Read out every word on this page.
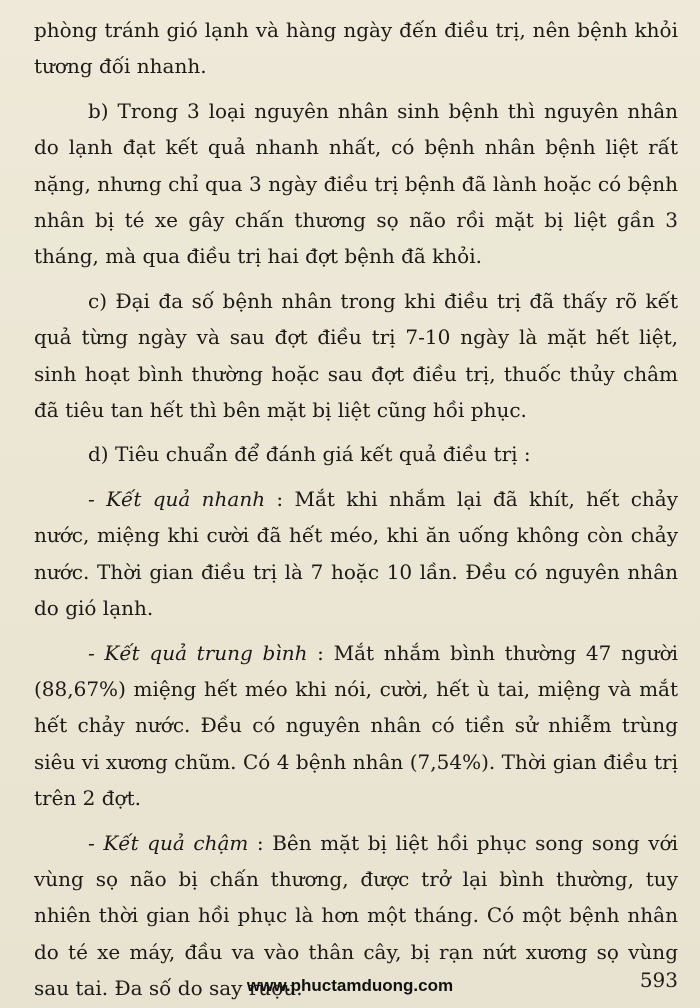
phòng tránh gió lạnh và hàng ngày đến điều trị, nên bệnh khỏi tương đối nhanh.

b) Trong 3 loại nguyên nhân sinh bệnh thì nguyên nhân do lạnh đạt kết quả nhanh nhất, có bệnh nhân bệnh liệt rất nặng, nhưng chỉ qua 3 ngày điều trị bệnh đã lành hoặc có bệnh nhân bị té xe gây chấn thương sọ não rồi mặt bị liệt gần 3 tháng, mà qua điều trị hai đợt bệnh đã khỏi.

c) Đại đa số bệnh nhân trong khi điều trị đã thấy rõ kết quả từng ngày và sau đợt điều trị 7-10 ngày là mặt hết liệt, sinh hoạt bình thường hoặc sau đợt điều trị, thuốc thủy châm đã tiêu tan hết thì bên mặt bị liệt cũng hồi phục.

d) Tiêu chuẩn để đánh giá kết quả điều trị :

- Kết quả nhanh : Mắt khi nhắm lại đã khít, hết chảy nước, miệng khi cười đã hết méo, khi ăn uống không còn chảy nước. Thời gian điều trị là 7 hoặc 10 lần. Đều có nguyên nhân do gió lạnh.

- Kết quả trung bình : Mắt nhắm bình thường 47 người (88,67%) miệng hết méo khi nói, cười, hết ù tai, miệng và mắt hết chảy nước. Đều có nguyên nhân có tiền sử nhiễm trùng siêu vi xương chũm. Có 4 bệnh nhân (7,54%). Thời gian điều trị trên 2 đợt.

- Kết quả chậm : Bên mặt bị liệt hồi phục song song với vùng sọ não bị chấn thương, được trở lại bình thường, tuy nhiên thời gian hồi phục là hơn một tháng. Có một bệnh nhân do té xe máy, đầu va vào thân cây, bị rạn nứt xương sọ vùng sau tai. Đa số do say rượu.

www.phuctamduong.com	593
